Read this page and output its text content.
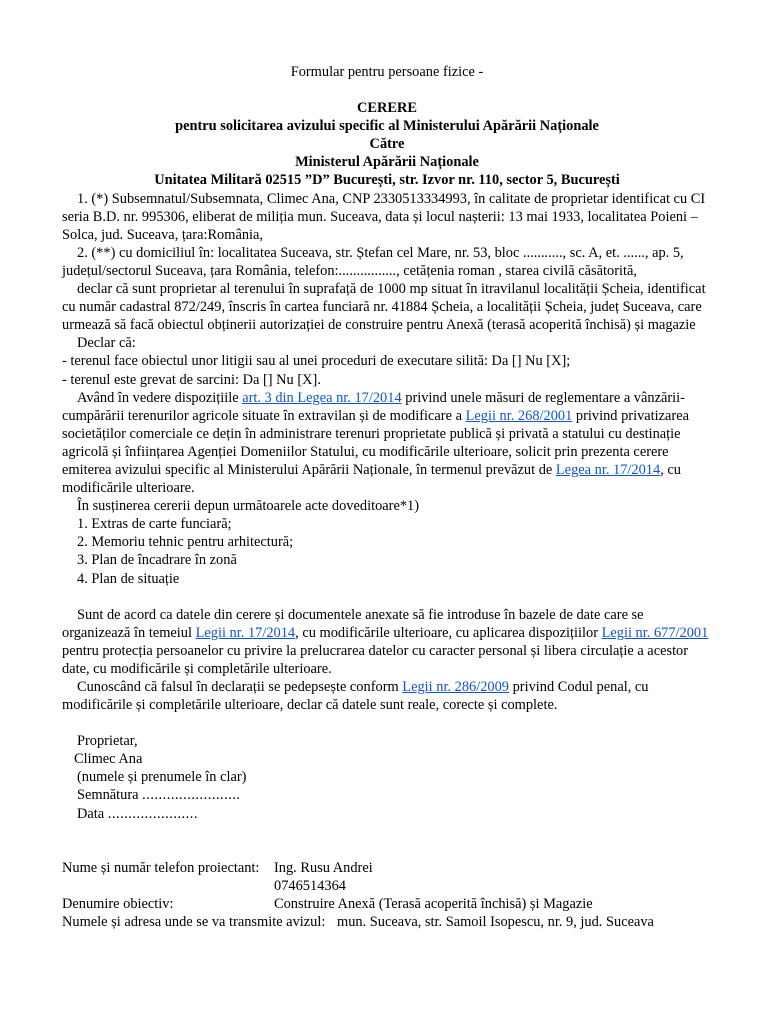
Formular pentru persoane fizice -

CERERE

pentru solicitarea avizului specific al Ministerului Apărării Naționale

Către

Ministerul Apărării Naționale

Unitatea Militară 02515 ”D” București, str. Izvor nr. 110, sector 5, București

1. (*) Subsemnatul/Subsemnata, Climec Ana, CNP 2330513334993, în calitate de proprietar identificat cu CI seria B.D. nr. 995306, eliberat de miliția mun. Suceava, data și locul nașterii: 13 mai 1933, localitatea Poieni – Solca, jud. Suceava, țara:România,

2. (**) cu domiciliul în: localitatea Suceava, str. Ștefan cel Mare, nr. 53, bloc ..........., sc. A, et. ......, ap. 5, județul/sectorul Suceava, țara România, telefon:................, cetățenia roman , starea civilă căsătorită,

declar că sunt proprietar al terenului în suprafață de 1000 mp situat în itravilanul localității Șcheia, identificat cu număr cadastral 872/249, înscris în cartea funciară nr. 41884 Șcheia, a localității Șcheia, județ Suceava, care urmează să facă obiectul obținerii autorizației de construire pentru Anexă (terasă acoperită închisă) și magazie

Declar că:

- terenul face obiectul unor litigii sau al unei proceduri de executare silită: Da [] Nu [X];

- terenul este grevat de sarcini: Da [] Nu [X].

Având în vedere dispozițiile art. 3 din Legea nr. 17/2014 privind unele măsuri de reglementare a vânzării-cumpărării terenurilor agricole situate în extravilan și de modificare a Legii nr. 268/2001 privind privatizarea societăților comerciale ce dețin în administrare terenuri proprietate publică și privată a statului cu destinație agricolă și înființarea Agenției Domeniilor Statului, cu modificările ulterioare, solicit prin prezenta cerere emiterea avizului specific al Ministerului Apărării Naționale, în termenul prevăzut de Legea nr. 17/2014, cu modificările ulterioare.

În susținerea cererii depun următoarele acte doveditoare*1)

1. Extras de carte funciară;

2. Memoriu tehnic pentru arhitectură;

3. Plan de încadrare în zonă

4. Plan de situație

Sunt de acord ca datele din cerere și documentele anexate să fie introduse în bazele de date care se organizează în temeiul Legii nr. 17/2014, cu modificările ulterioare, cu aplicarea dispozițiilor Legii nr. 677/2001 pentru protecția persoanelor cu privire la prelucrarea datelor cu caracter personal și libera circulație a acestor date, cu modificările și completările ulterioare.

Cunoscând că falsul în declarații se pedepsește conform Legii nr. 286/2009 privind Codul penal, cu modificările și completările ulterioare, declar că datele sunt reale, corecte și complete.

Proprietar,

Climec Ana

(numele și prenumele în clar)

Semnătura ........................

Data ......................

Nume și număr telefon proiectant:	Ing. Rusu Andrei
0746514364
Denumire obiectiv:	Construire Anexă (Terasă acoperită închisă) și Magazie
Numele și adresa unde se va transmite avizul: mun. Suceava, str. Samoil Isopescu, nr. 9, jud. Suceava
